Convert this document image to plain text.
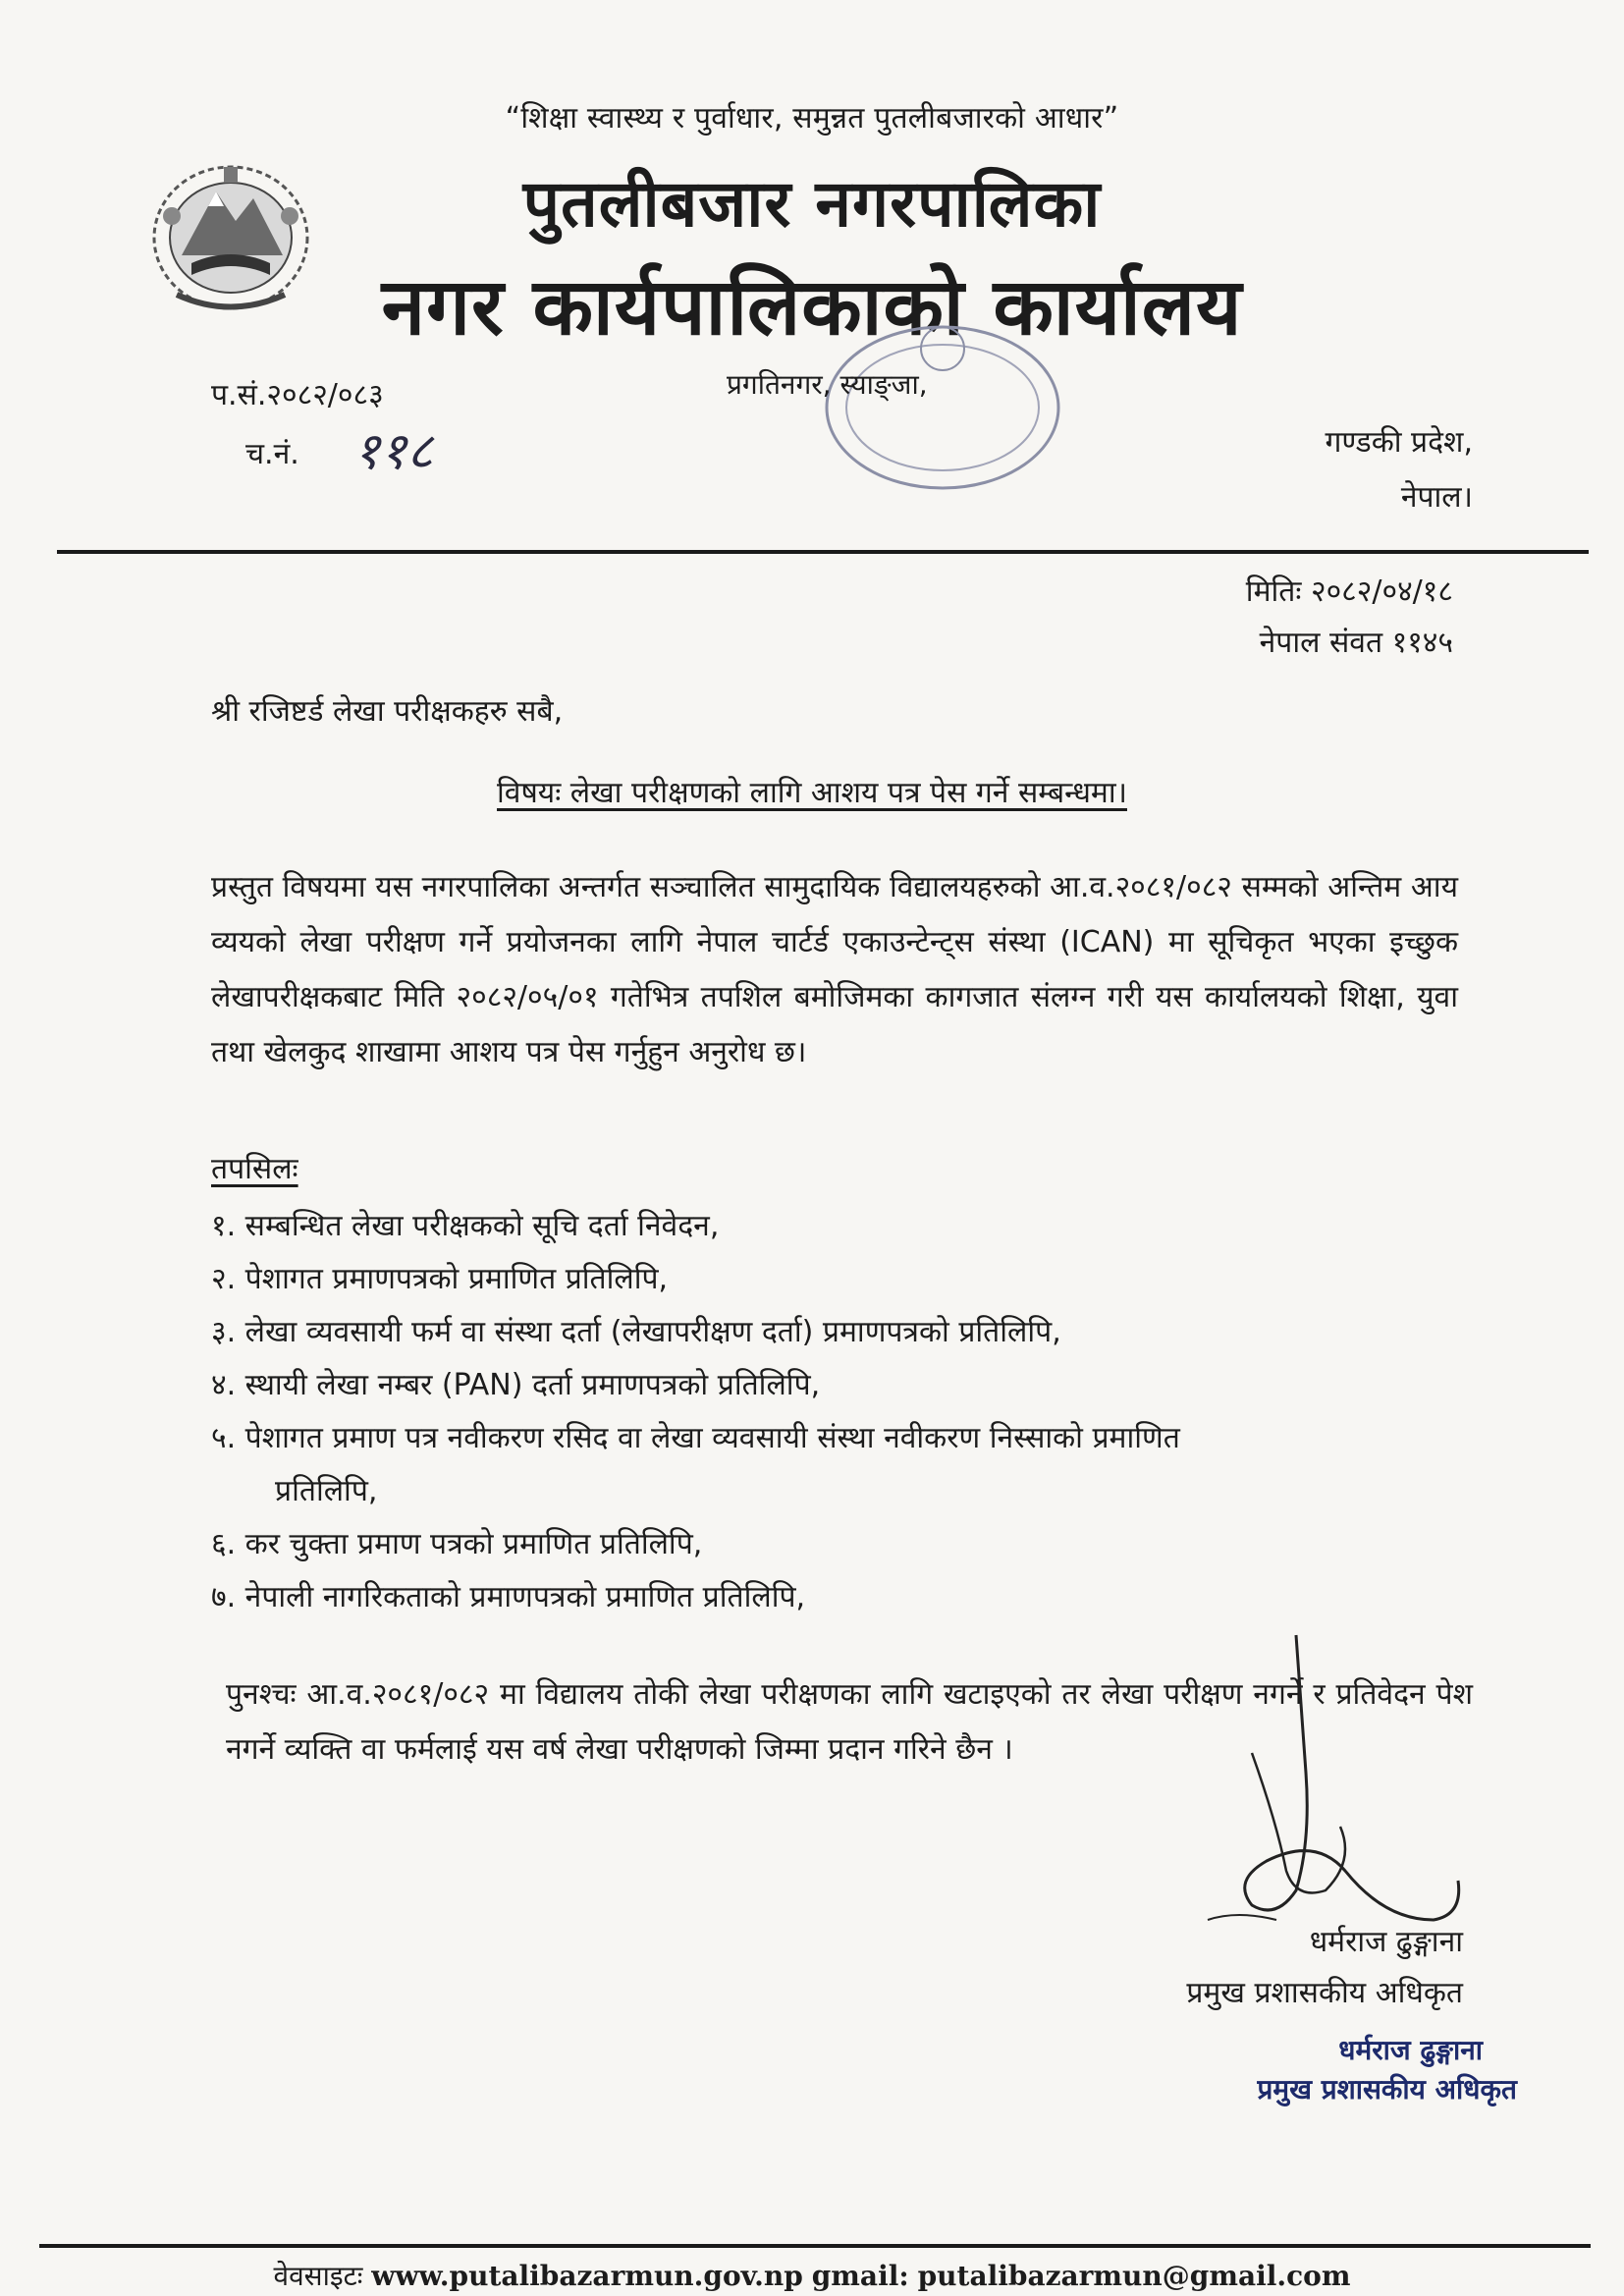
“शिक्षा स्वास्थ्य र पुर्वाधार, समुन्नत पुतलीबजारको आधार”
पुतलीबजार नगरपालिका
नगर कार्यपालिकाको कार्यालय
प.सं.२०८२/०८३
च.नं. ११८
प्रगतिनगर, स्याङ्जा,
गण्डकी प्रदेश,
नेपाल।
मितिः २०८२/०४/१८
नेपाल संवत ११४५
श्री रजिष्टर्ड लेखा परीक्षकहरु सबै,
विषयः लेखा परीक्षणको लागि आशय पत्र पेस गर्ने सम्बन्धमा।
प्रस्तुत विषयमा यस नगरपालिका अन्तर्गत सञ्चालित सामुदायिक विद्यालयहरुको आ.व.२०८१/०८२ सम्मको अन्तिम आय व्ययको लेखा परीक्षण गर्ने प्रयोजनका लागि नेपाल चार्टर्ड एकाउन्टेन्ट्स संस्था (ICAN) मा सूचिकृत भएका इच्छुक लेखापरीक्षकबाट मिति २०८२/०५/०१ गतेभित्र तपशिल बमोजिमका कागजात संलग्न गरी यस कार्यालयको शिक्षा, युवा तथा खेलकुद शाखामा आशय पत्र पेस गर्नुहुन अनुरोध छ।
तपसिलः
१. सम्बन्धित लेखा परीक्षकको सूचि दर्ता निवेदन,
२. पेशागत प्रमाणपत्रको प्रमाणित प्रतिलिपि,
३. लेखा व्यवसायी फर्म वा संस्था दर्ता (लेखापरीक्षण दर्ता) प्रमाणपत्रको प्रतिलिपि,
४. स्थायी लेखा नम्बर (PAN) दर्ता प्रमाणपत्रको प्रतिलिपि,
५. पेशागत प्रमाण पत्र नवीकरण रसिद वा लेखा व्यवसायी संस्था नवीकरण निस्साको प्रमाणित
प्रतिलिपि,
६. कर चुक्ता प्रमाण पत्रको प्रमाणित प्रतिलिपि,
७. नेपाली नागरिकताको प्रमाणपत्रको प्रमाणित प्रतिलिपि,
पुनश्चः आ.व.२०८१/०८२ मा विद्यालय तोकी लेखा परीक्षणका लागि खटाइएको तर लेखा परीक्षण नगर्ने र प्रतिवेदन पेश नगर्ने व्यक्ति वा फर्मलाई यस वर्ष लेखा परीक्षणको जिम्मा प्रदान गरिने छैन ।
धर्मराज ढुङ्गाना
प्रमुख प्रशासकीय अधिकृत
धर्मराज ढुङ्गाना
प्रमुख प्रशासकीय अधिकृत
वेवसाइटः www.putalibazarmun.gov.np gmail: putalibazarmun@gmail.com
